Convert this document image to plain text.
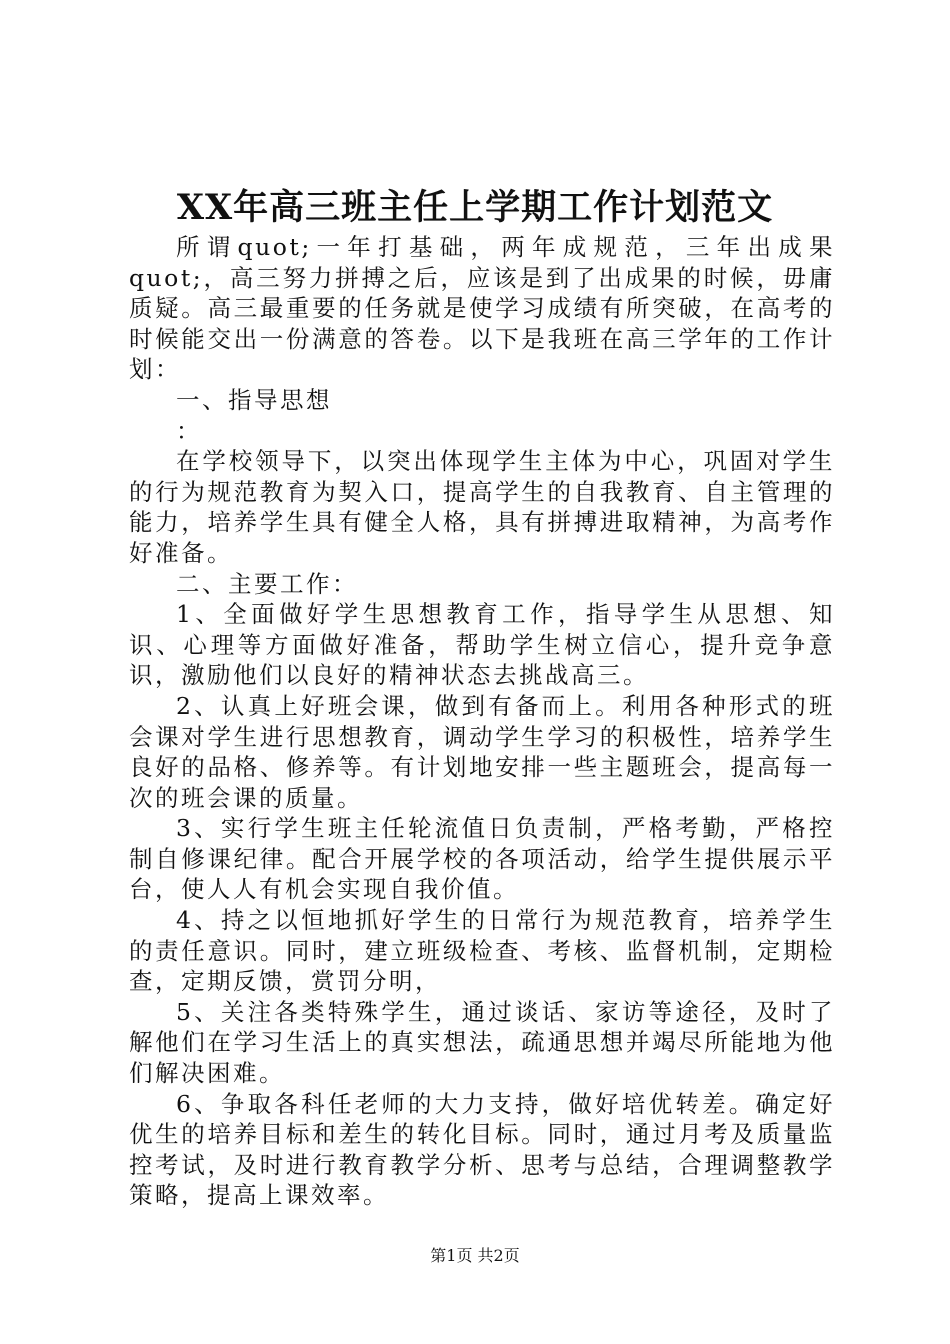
XX年高三班主任上学期工作计划范文

所谓quot;一年打基础，两年成规范，三年出成果quot;，高三努力拼搏之后，应该是到了出成果的时候，毋庸质疑。高三最重要的任务就是使学习成绩有所突破，在高考的时候能交出一份满意的答卷。以下是我班在高三学年的工作计划：

一、指导思想

：

在学校领导下，以突出体现学生主体为中心，巩固对学生的行为规范教育为契入口，提高学生的自我教育、自主管理的能力，培养学生具有健全人格，具有拼搏进取精神，为高考作好准备。

二、主要工作：

1、全面做好学生思想教育工作，指导学生从思想、知识、心理等方面做好准备，帮助学生树立信心，提升竞争意识，激励他们以良好的精神状态去挑战高三。

2、认真上好班会课，做到有备而上。利用各种形式的班会课对学生进行思想教育，调动学生学习的积极性，培养学生良好的品格、修养等。有计划地安排一些主题班会，提高每一次的班会课的质量。

3、实行学生班主任轮流值日负责制，严格考勤，严格控制自修课纪律。配合开展学校的各项活动，给学生提供展示平台，使人人有机会实现自我价值。

4、持之以恒地抓好学生的日常行为规范教育，培养学生的责任意识。同时，建立班级检查、考核、监督机制，定期检查，定期反馈，赏罚分明，

5、关注各类特殊学生，通过谈话、家访等途径，及时了解他们在学习生活上的真实想法，疏通思想并竭尽所能地为他们解决困难。

6、争取各科任老师的大力支持，做好培优转差。确定好优生的培养目标和差生的转化目标。同时，通过月考及质量监控考试，及时进行教育教学分析、思考与总结，合理调整教学策略，提高上课效率。

第1页 共2页
